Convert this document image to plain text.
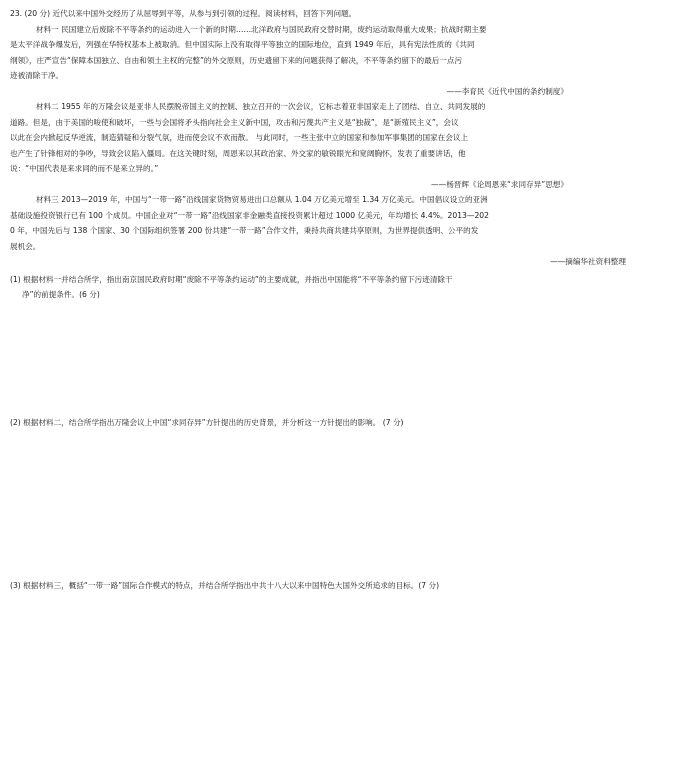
23. (20 分) 近代以来中国外交经历了从屈辱到平等，从参与到引领的过程。阅读材料，回答下列问题。
材料一 民国建立后废除不平等条约的运动进入一个新的时期……北洋政府与国民政府交替时期，废约运动取得重大成果；抗战时期主要
是太平洋战争爆发后，列强在华特权基本上被取消。但中国实际上没有取得平等独立的国际地位，直到 1949 年后，具有宪法性质的《共同
纲领》，庄严宣告“保障本国独立、自由和领土主权的完整”的外交原则，历史遗留下来的问题获得了解决，不平等条约留下的最后一点污
迹被清除干净。
——李育民《近代中国的条约制度》
材料二 1955 年的万隆会议是亚非人民摆脱帝国主义的控制、独立召开的一次会议，它标志着亚非国家走上了团结、自立、共同发展的
道路。但是，由于美国的唆使和破坏，一些与会国将矛头指向社会主义新中国，攻击和污蔑共产主义是“独裁”，是“新殖民主义”，会议
以此在会内掀起反华逆流，制造猜疑和分裂气氛，进而使会议不欢而散。 与此同时，一些主张中立的国家和参加军事集团的国家在会议上
也产生了针锋相对的争吵，导致会议陷入僵局。在这关键时刻，周恩来以其政治家、外交家的敏锐眼光和宽阔胸怀，发表了重要讲话，他
说：“中国代表是来求同的而不是来立异的。”
——杨晋辉《论周恩来“求同存异”思想》
材料三 2013—2019 年，中国与“一带一路”沿线国家货物贸易进出口总额从 1.04 万亿美元增至 1.34 万亿美元。中国倡议设立的亚洲
基础设施投资银行已有 100 个成员。中国企业对“一带一路”沿线国家非金融类直接投资累计超过 1000 亿美元，年均增长 4.4%。2013—202
0 年，中国先后与 138 个国家、30 个国际组织签署 200 份共建“一带一路”合作文件，秉持共商共建共享原则，为世界提供透明、公平的发
展机会。
——摘编华社资料整理
(1) 根据材料一并结合所学，指出南京国民政府时期“废除不平等条约运动”的主要成就，并指出中国能将“不平等条约留下污迹清除干
净”的前提条件。(6 分)
(2) 根据材料二，结合所学指出万隆会议上中国“求同存异”方针提出的历史背景，并分析这一方针提出的影响。 (7 分)
(3) 根据材料三，概括“一带一路”国际合作模式的特点，并结合所学指出中共十八大以来中国特色大国外交所追求的目标。(7 分)
